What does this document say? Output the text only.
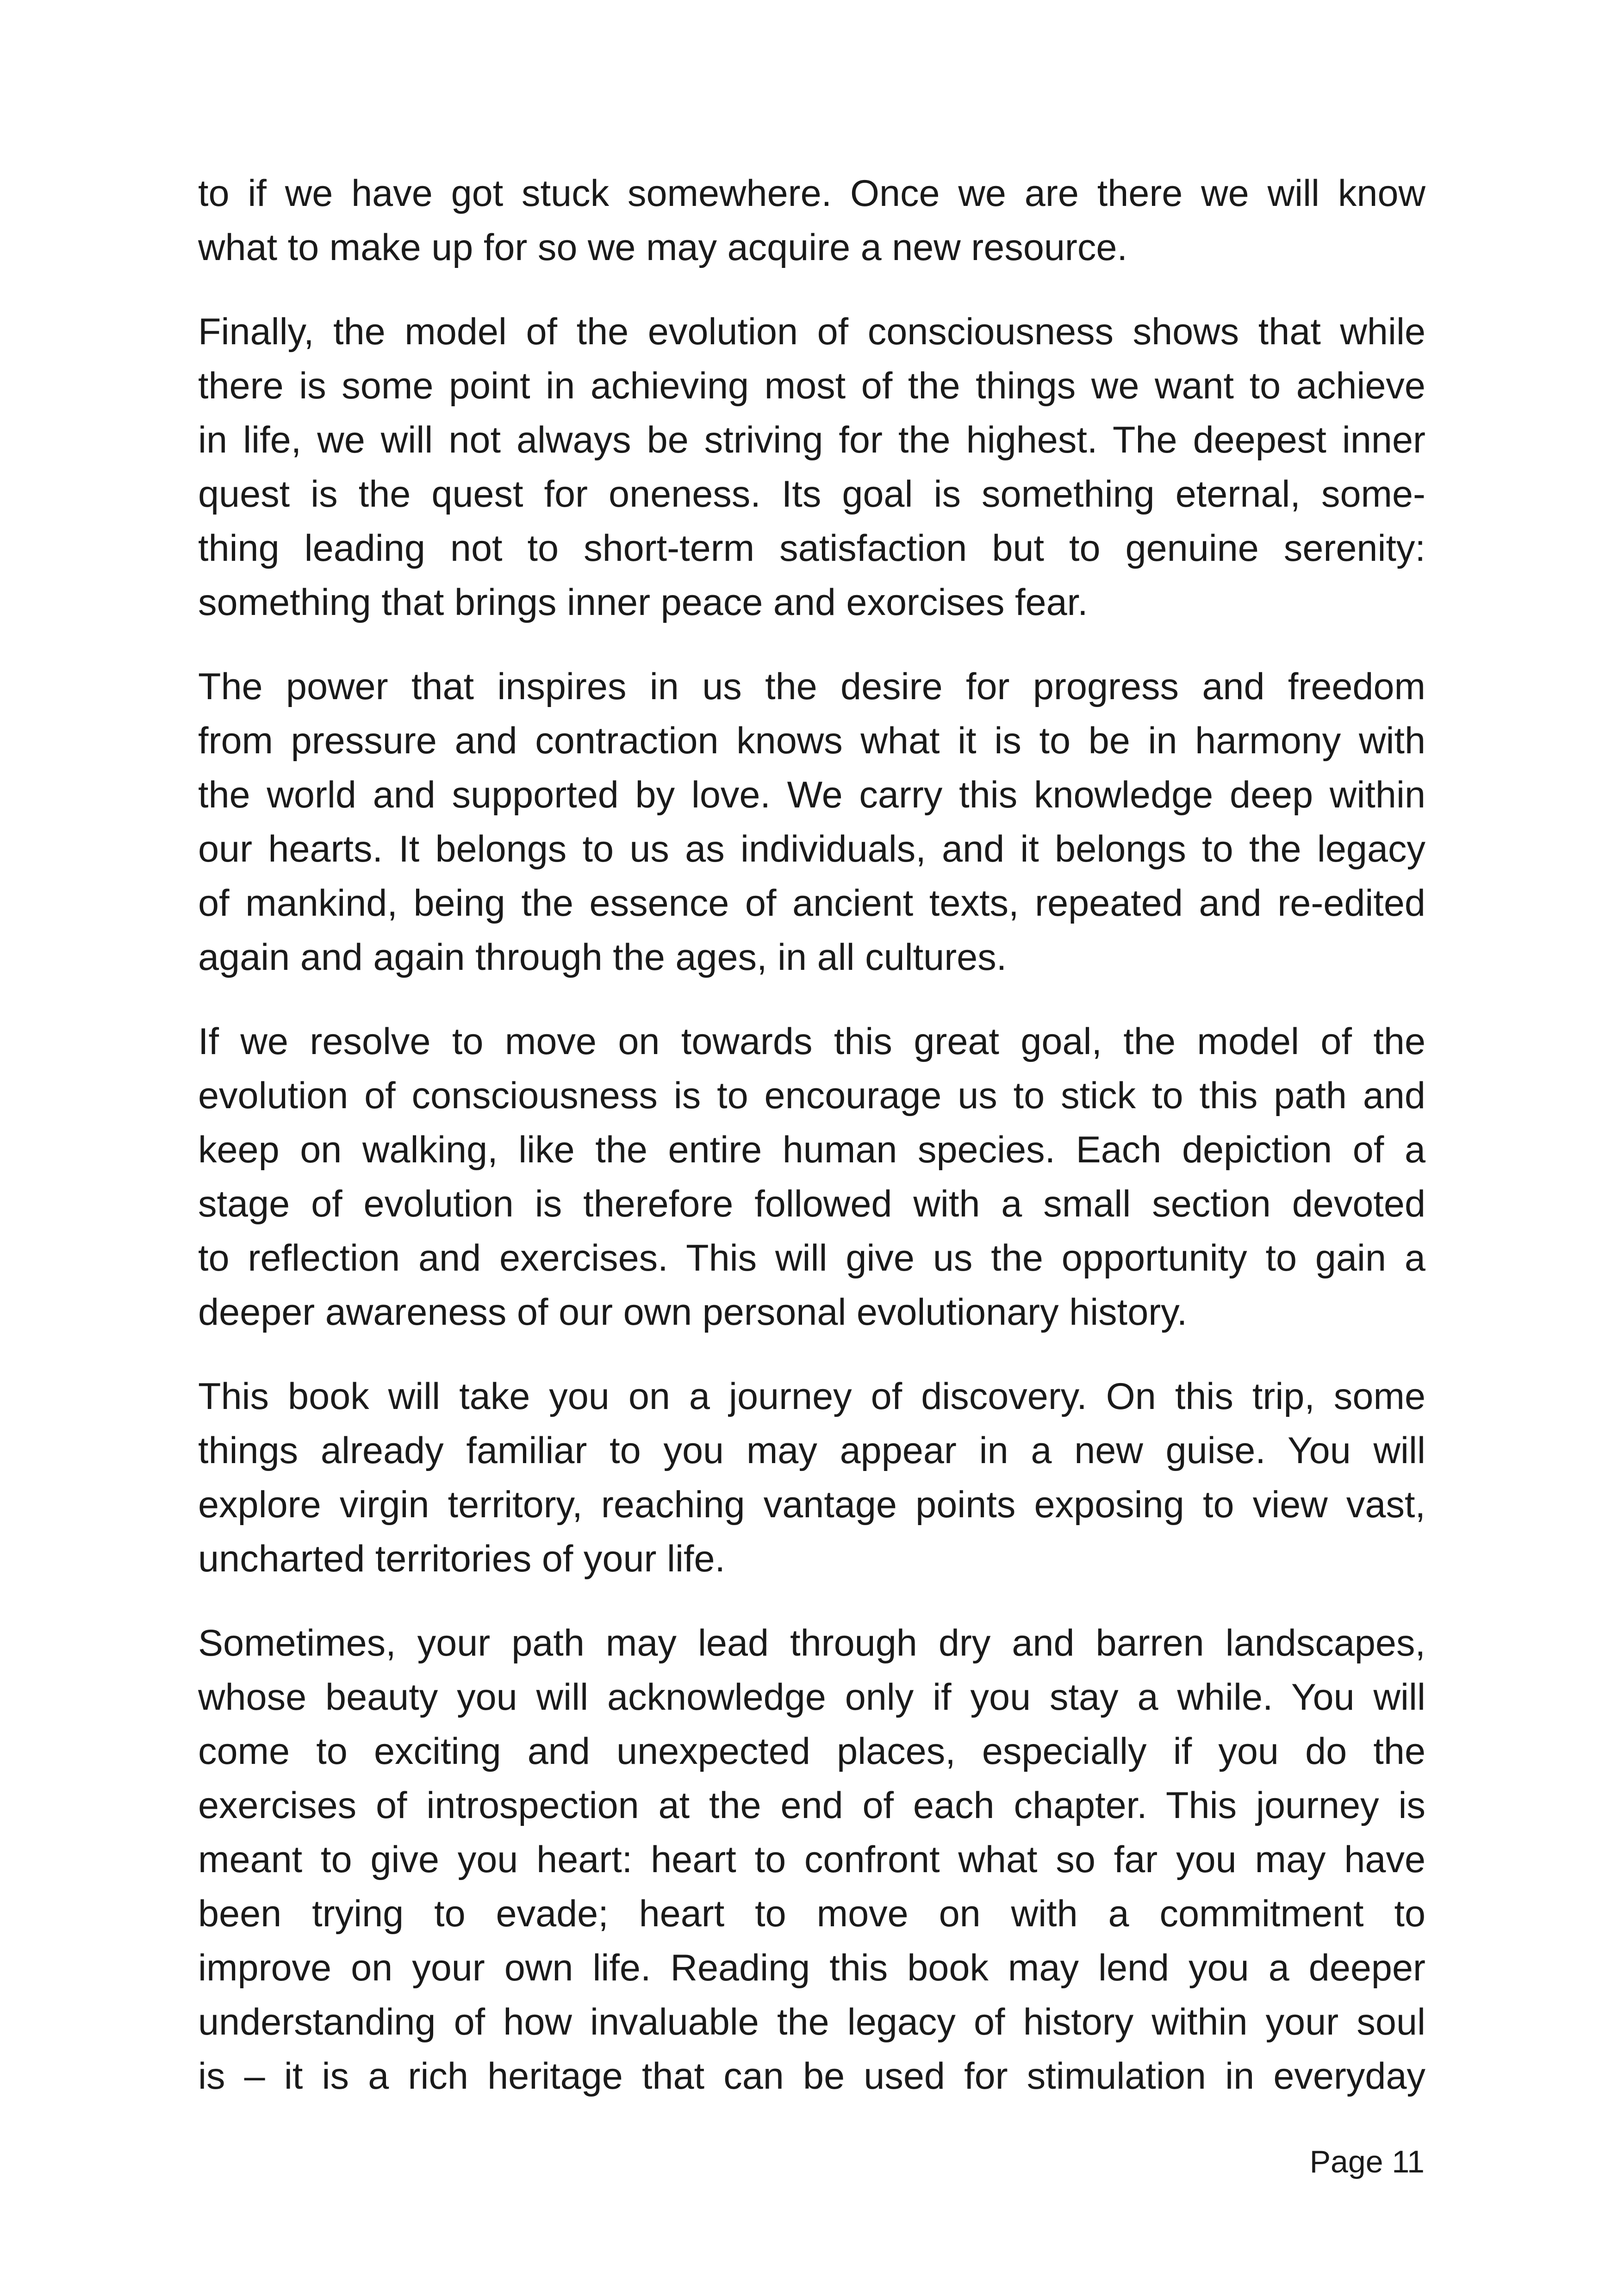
to if we have got stuck somewhere. Once we are there we will know
what to make up for so we may acquire a new resource.
Finally, the model of the evolution of consciousness shows that while
there is some point in achieving most of the things we want to achieve
in life, we will not always be striving for the highest. The deepest inner
quest is the quest for oneness. Its goal is something eternal, some-
thing leading not to short-term satisfaction but to genuine serenity:
something that brings inner peace and exorcises fear.
The power that inspires in us the desire for progress and freedom
from pressure and contraction knows what it is to be in harmony with
the world and supported by love. We carry this knowledge deep within
our hearts. It belongs to us as individuals, and it belongs to the legacy
of mankind, being the essence of ancient texts, repeated and re-edited
again and again through the ages, in all cultures.
If we resolve to move on towards this great goal, the model of the
evolution of consciousness is to encourage us to stick to this path and
keep on walking, like the entire human species. Each depiction of a
stage of evolution is therefore followed with a small section devoted
to reflection and exercises. This will give us the opportunity to gain a
deeper awareness of our own personal evolutionary history.
This book will take you on a journey of discovery. On this trip, some
things already familiar to you may appear in a new guise. You will
explore virgin territory, reaching vantage points exposing to view vast,
uncharted territories of your life.
Sometimes, your path may lead through dry and barren landscapes,
whose beauty you will acknowledge only if you stay a while. You will
come to exciting and unexpected places, especially if you do the
exercises of introspection at the end of each chapter. This journey is
meant to give you heart: heart to confront what so far you may have
been trying to evade; heart to move on with a commitment to
improve on your own life. Reading this book may lend you a deeper
understanding of how invaluable the legacy of history within your soul
is – it is a rich heritage that can be used for stimulation in everyday
Page 11
